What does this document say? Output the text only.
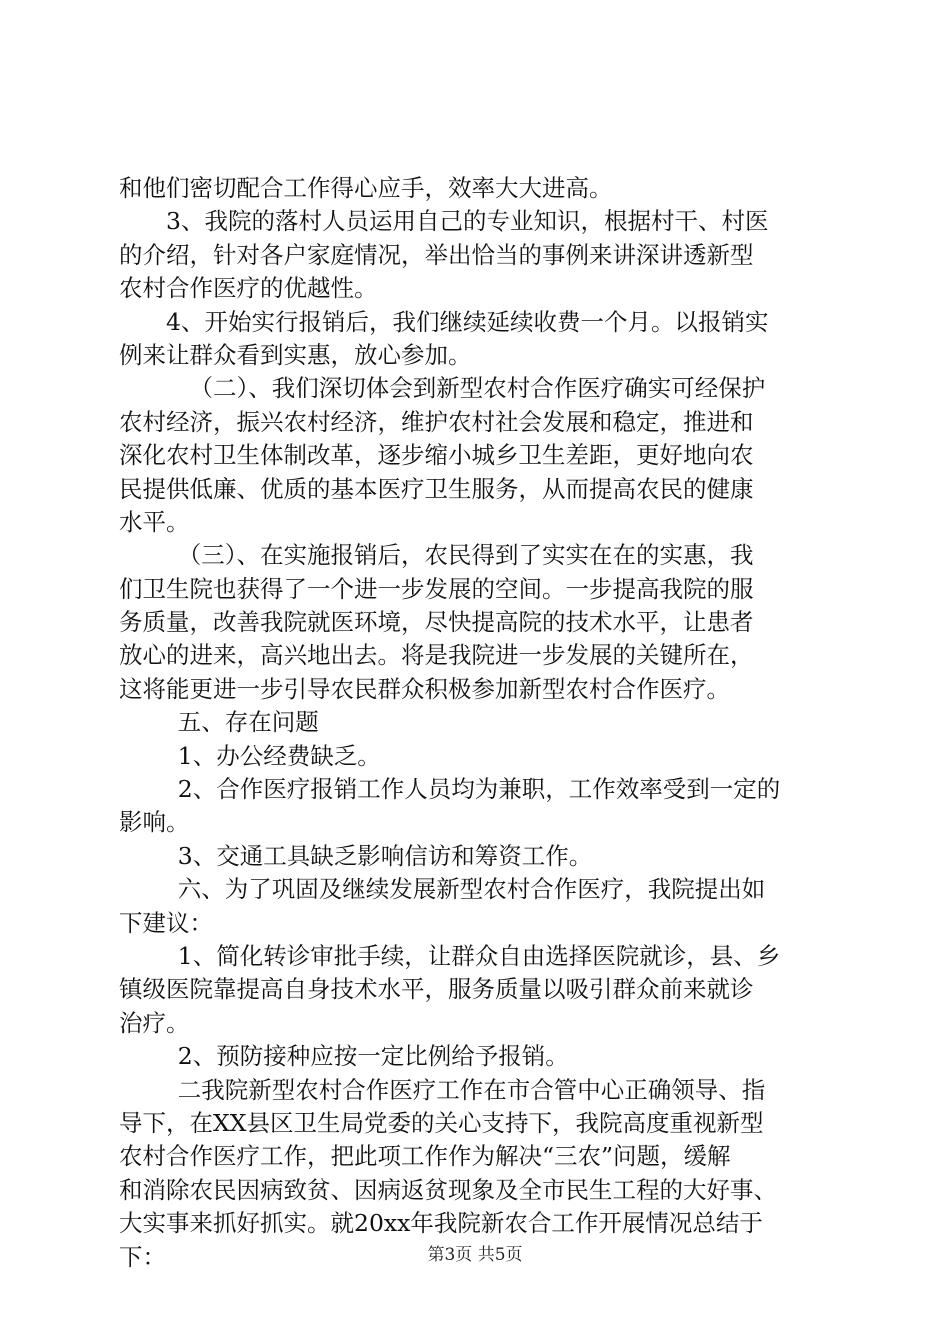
和他们密切配合工作得心应手，效率大大进高。
3、我院的落村人员运用自己的专业知识，根据村干、村医
的介绍，针对各户家庭情况，举出恰当的事例来讲深讲透新型
农村合作医疗的优越性。
4、开始实行报销后，我们继续延续收费一个月。以报销实
例来让群众看到实惠，放心参加。
（二）、我们深切体会到新型农村合作医疗确实可经保护
农村经济，振兴农村经济，维护农村社会发展和稳定，推进和
深化农村卫生体制改革，逐步缩小城乡卫生差距，更好地向农
民提供低廉、优质的基本医疗卫生服务，从而提高农民的健康
水平。
（三）、在实施报销后，农民得到了实实在在的实惠，我
们卫生院也获得了一个进一步发展的空间。一步提高我院的服
务质量，改善我院就医环境，尽快提高院的技术水平，让患者
放心的进来，高兴地出去。将是我院进一步发展的关键所在，
这将能更进一步引导农民群众积极参加新型农村合作医疗。
五、存在问题
1、办公经费缺乏。
2、合作医疗报销工作人员均为兼职，工作效率受到一定的
影响。
3、交通工具缺乏影响信访和筹资工作。
六、为了巩固及继续发展新型农村合作医疗，我院提出如
下建议：
1、简化转诊审批手续，让群众自由选择医院就诊，县、乡
镇级医院靠提高自身技术水平，服务质量以吸引群众前来就诊
治疗。
2、预防接种应按一定比例给予报销。
二我院新型农村合作医疗工作在市合管中心正确领导、指
导下，在XX县区卫生局党委的关心支持下，我院高度重视新型
农村合作医疗工作，把此项工作作为解决“三农”问题，缓解
和消除农民因病致贫、因病返贫现象及全市民生工程的大好事、
大实事来抓好抓实。就20xx年我院新农合工作开展情况总结于
下：	第3页 共5页
